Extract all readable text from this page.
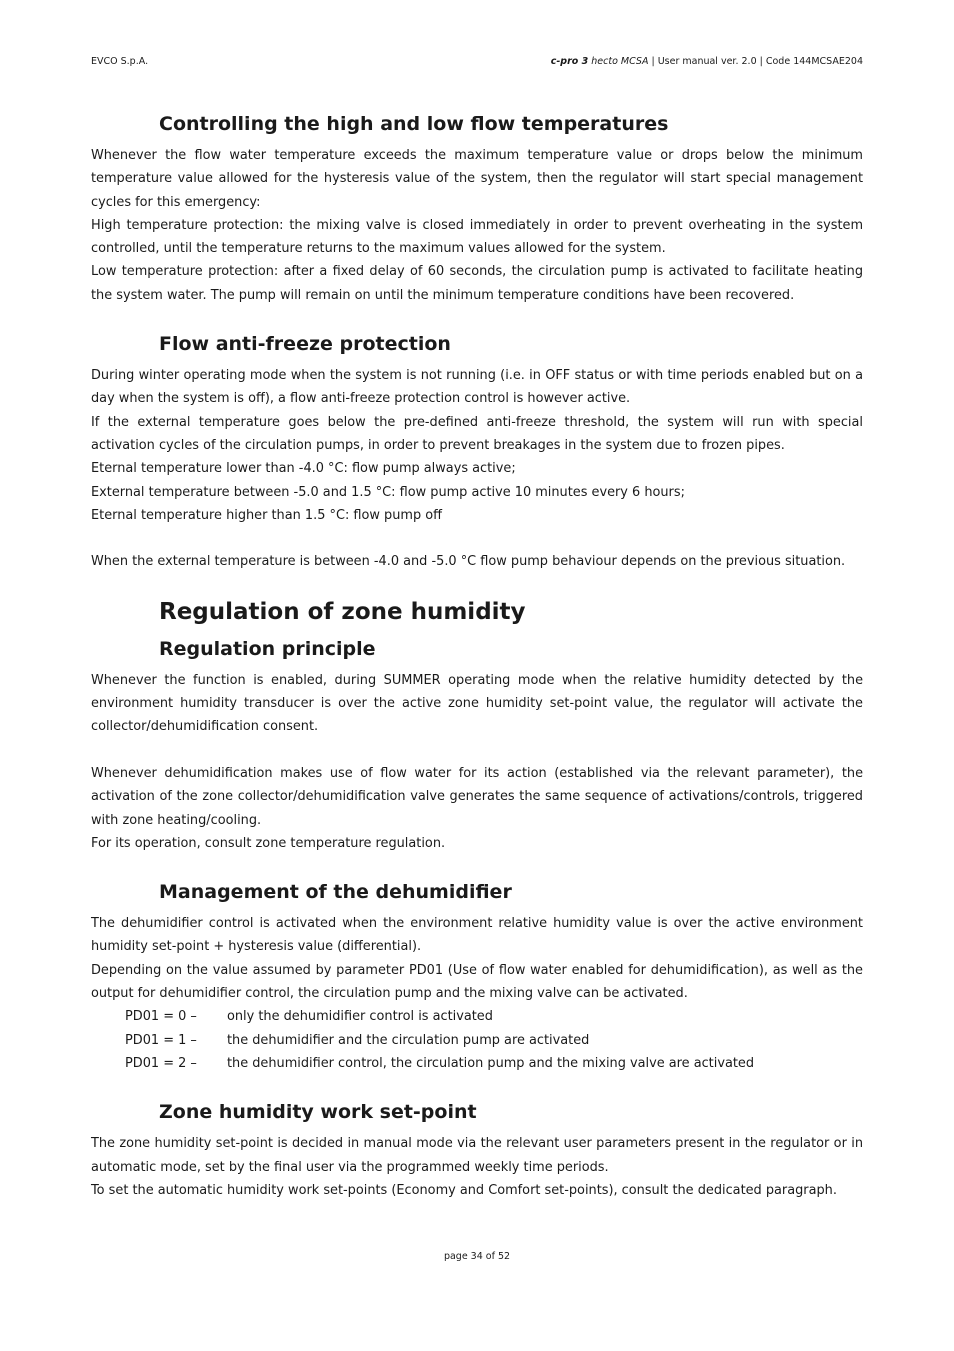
EVCO S.p.A.	c-pro 3 hecto MCSA | User manual ver. 2.0 | Code 144MCSAE204
Controlling the high and low flow temperatures

Whenever the flow water temperature exceeds the maximum temperature value or drops below the minimum temperature value allowed for the hysteresis value of the system, then the regulator will start special management cycles for this emergency:

High temperature protection: the mixing valve is closed immediately in order to prevent overheating in the system controlled, until the temperature returns to the maximum values allowed for the system.

Low temperature protection: after a fixed delay of 60 seconds, the circulation pump is activated to facilitate heating the system water. The pump will remain on until the minimum temperature conditions have been recovered.

Flow anti-freeze protection

During winter operating mode when the system is not running (i.e. in OFF status or with time periods enabled but on a day when the system is off), a flow anti-freeze protection control is however active.

If the external temperature goes below the pre-defined anti-freeze threshold, the system will run with special activation cycles of the circulation pumps, in order to prevent breakages in the system due to frozen pipes.

Eternal temperature lower than -4.0 °C: flow pump always active;

External temperature between -5.0 and 1.5 °C: flow pump active 10 minutes every 6 hours;

Eternal temperature higher than 1.5 °C: flow pump off

When the external temperature is between -4.0 and -5.0 °C flow pump behaviour depends on the previous situation.

Regulation of zone humidity
Regulation principle

Whenever the function is enabled, during SUMMER operating mode when the relative humidity detected by the environment humidity transducer is over the active zone humidity set-point value, the regulator will activate the collector/dehumidification consent.

Whenever dehumidification makes use of flow water for its action (established via the relevant parameter), the activation of the zone collector/dehumidification valve generates the same sequence of activations/controls, triggered with zone heating/cooling.

For its operation, consult zone temperature regulation.

Management of the dehumidifier

The dehumidifier control is activated when the environment relative humidity value is over the active environment humidity set-point + hysteresis value (differential).

Depending on the value assumed by parameter PD01 (Use of flow water enabled for dehumidification), as well as the output for dehumidifier control, the circulation pump and the mixing valve can be activated.

PD01 = 0 –	only the dehumidifier control is activated
PD01 = 1 –	the dehumidifier and the circulation pump are activated
PD01 = 2 –	the dehumidifier control, the circulation pump and the mixing valve are activated
Zone humidity work set-point

The zone humidity set-point is decided in manual mode via the relevant user parameters present in the regulator or in automatic mode, set by the final user via the programmed weekly time periods.

To set the automatic humidity work set-points (Economy and Comfort set-points), consult the dedicated paragraph.

page 34 of 52
